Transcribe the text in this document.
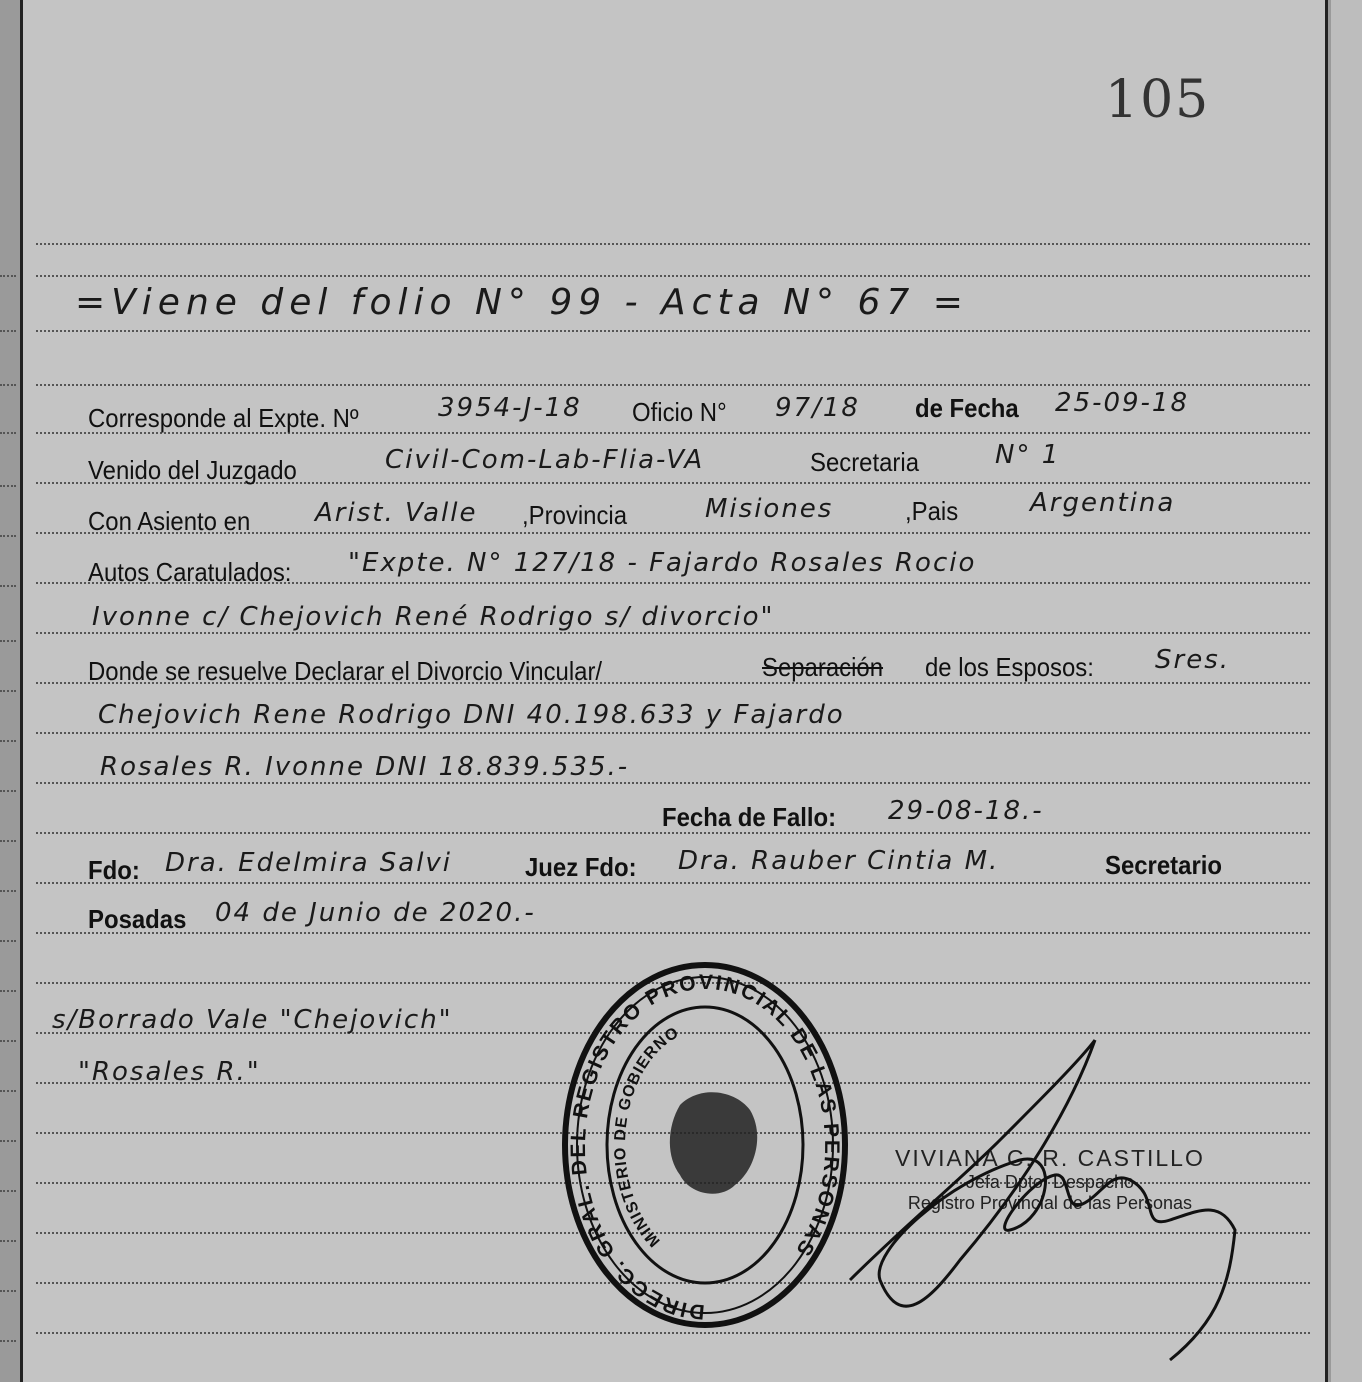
105
=Viene del folio N° 99 - Acta N° 67 =
Corresponde al Expte. Nº	3954-J-18 Oficio N° 97/18 de Fecha 25-09-18
Venido del Juzgado	Civil-Com-Lab-Flia-VA	Secretaria	N° 1
Con Asiento en Arist. Valle ,Provincia	Misiones	,Pais	Argentina
Autos Caratulados: "Expte. N° 127/18 - Fajardo Rosales Rocio
Ivonne c/ Chejovich René Rodrigo s/ divorcio"
Donde se resuelve Declarar el Divorcio Vincular/	Separación de los Esposos: Sres.
Chejovich Rene Rodrigo DNI 40.198.633 y Fajardo
Rosales R. Ivonne DNI 18.839.535.-
Fecha de Fallo: 29-08-18.-
Fdo: Dra. Edelmira Salvi	Juez Fdo: Dra. Rauber Cintia M.	Secretario
Posadas 04 de Junio de 2020.-
s/Borrado Vale "Chejovich"
"Rosales R."
DIRECC. GRAL. DEL REGISTRO PROVINCIAL DE LAS PERSONAS
MINISTERIO DE GOBIERNO
VIVIANA C. R. CASTILLO
Jefa Dpto. Despacho
Registro Provincial de las Personas
